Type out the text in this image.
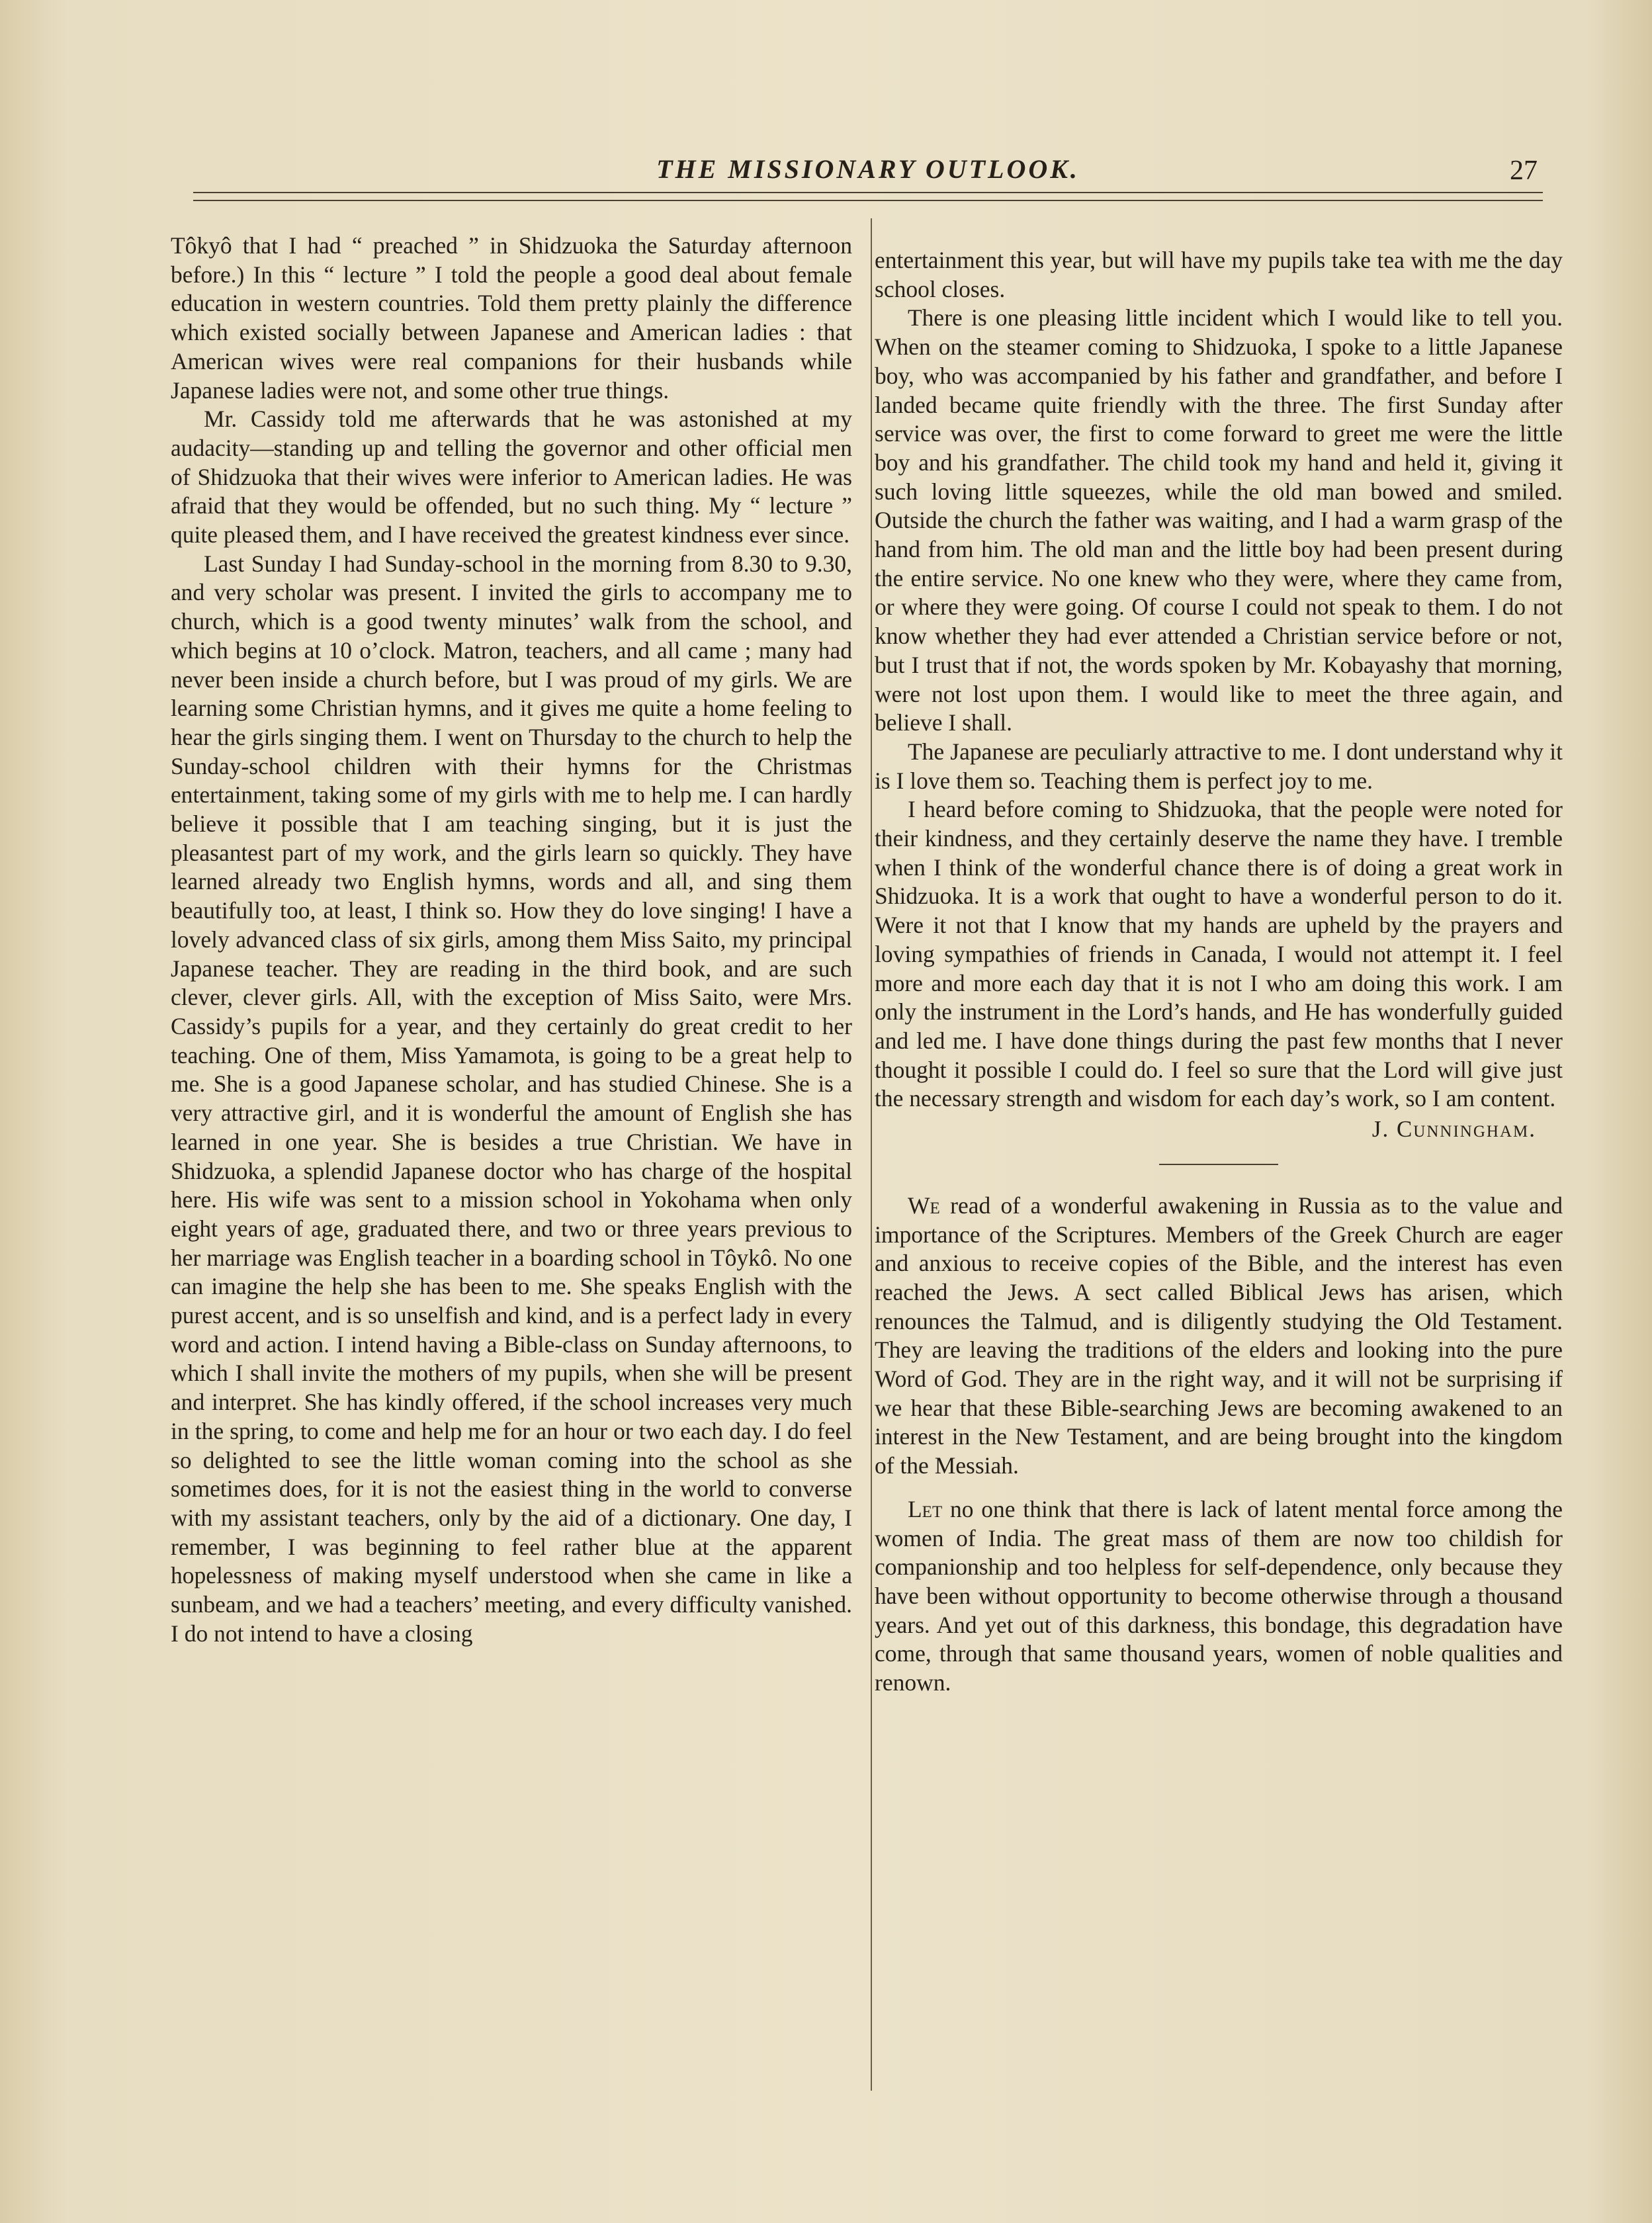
THE MISSIONARY OUTLOOK.	27

Tôkyô that I had “ preached ” in Shidzuoka the Saturday afternoon before.) In this “ lecture ” I told the people a good deal about female education in western countries. Told them pretty plainly the difference which existed socially between Japanese and American ladies : that American wives were real companions for their husbands while Japanese ladies were not, and some other true things.

Mr. Cassidy told me afterwards that he was astonished at my audacity—standing up and telling the governor and other official men of Shidzuoka that their wives were inferior to American ladies. He was afraid that they would be offended, but no such thing. My “ lecture ” quite pleased them, and I have received the greatest kindness ever since.

Last Sunday I had Sunday-school in the morning from 8.30 to 9.30, and very scholar was present. I invited the girls to accompany me to church, which is a good twenty minutes’ walk from the school, and which begins at 10 o’clock. Matron, teachers, and all came ; many had never been inside a church before, but I was proud of my girls. We are learning some Christian hymns, and it gives me quite a home feeling to hear the girls singing them. I went on Thursday to the church to help the Sunday-school children with their hymns for the Christmas entertainment, taking some of my girls with me to help me. I can hardly believe it possible that I am teaching singing, but it is just the pleasantest part of my work, and the girls learn so quickly. They have learned already two English hymns, words and all, and sing them beautifully too, at least, I think so. How they do love singing! I have a lovely advanced class of six girls, among them Miss Saito, my principal Japanese teacher. They are reading in the third book, and are such clever, clever girls. All, with the exception of Miss Saito, were Mrs. Cassidy’s pupils for a year, and they certainly do great credit to her teaching. One of them, Miss Yamamota, is going to be a great help to me. She is a good Japanese scholar, and has studied Chinese. She is a very attractive girl, and it is wonderful the amount of English she has learned in one year. She is besides a true Christian. We have in Shidzuoka, a splendid Japanese doctor who has charge of the hospital here. His wife was sent to a mission school in Yokohama when only eight years of age, graduated there, and two or three years previous to her marriage was English teacher in a boarding school in Tôykô. No one can imagine the help she has been to me. She speaks English with the purest accent, and is so unselfish and kind, and is a perfect lady in every word and action. I intend having a Bible-class on Sunday afternoons, to which I shall invite the mothers of my pupils, when she will be present and interpret. She has kindly offered, if the school increases very much in the spring, to come and help me for an hour or two each day. I do feel so delighted to see the little woman coming into the school as she sometimes does, for it is not the easiest thing in the world to converse with my assistant teachers, only by the aid of a dictionary. One day, I remember, I was beginning to feel rather blue at the apparent hopelessness of making myself understood when she came in like a sunbeam, and we had a teachers’ meeting, and every difficulty vanished. I do not intend to have a closing

entertainment this year, but will have my pupils take tea with me the day school closes.

There is one pleasing little incident which I would like to tell you. When on the steamer coming to Shidzuoka, I spoke to a little Japanese boy, who was accompanied by his father and grandfather, and before I landed became quite friendly with the three. The first Sunday after service was over, the first to come forward to greet me were the little boy and his grandfather. The child took my hand and held it, giving it such loving little squeezes, while the old man bowed and smiled. Outside the church the father was waiting, and I had a warm grasp of the hand from him. The old man and the little boy had been present during the entire service. No one knew who they were, where they came from, or where they were going. Of course I could not speak to them. I do not know whether they had ever attended a Christian service before or not, but I trust that if not, the words spoken by Mr. Kobayashy that morning, were not lost upon them. I would like to meet the three again, and believe I shall.

The Japanese are peculiarly attractive to me. I dont understand why it is I love them so. Teaching them is perfect joy to me.

I heard before coming to Shidzuoka, that the people were noted for their kindness, and they certainly deserve the name they have. I tremble when I think of the wonderful chance there is of doing a great work in Shidzuoka. It is a work that ought to have a wonderful person to do it. Were it not that I know that my hands are upheld by the prayers and loving sympathies of friends in Canada, I would not attempt it. I feel more and more each day that it is not I who am doing this work. I am only the instrument in the Lord’s hands, and He has wonderfully guided and led me. I have done things during the past few months that I never thought it possible I could do. I feel so sure that the Lord will give just the necessary strength and wisdom for each day’s work, so I am content.

J. Cunningham.

We read of a wonderful awakening in Russia as to the value and importance of the Scriptures. Members of the Greek Church are eager and anxious to receive copies of the Bible, and the interest has even reached the Jews. A sect called Biblical Jews has arisen, which renounces the Talmud, and is diligently studying the Old Testament. They are leaving the traditions of the elders and looking into the pure Word of God. They are in the right way, and it will not be surprising if we hear that these Bible-searching Jews are becoming awakened to an interest in the New Testament, and are being brought into the kingdom of the Messiah.

Let no one think that there is lack of latent mental force among the women of India. The great mass of them are now too childish for companionship and too helpless for self-dependence, only because they have been without opportunity to become otherwise through a thousand years. And yet out of this darkness, this bondage, this degradation have come, through that same thousand years, women of noble qualities and renown.
